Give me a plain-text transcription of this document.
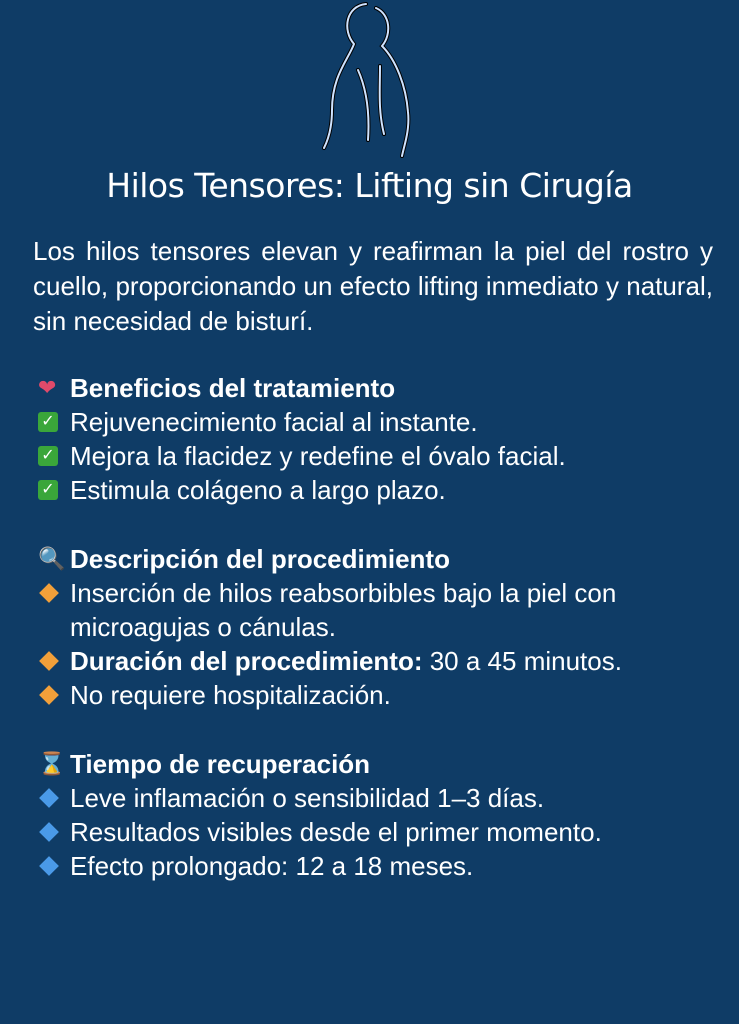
Hilos Tensores: Lifting sin Cirugía
Los hilos tensores elevan y reafirman la piel del rostro y cuello, proporcionando un efecto lifting inmediato y natural, sin necesidad de bisturí.
❤ Beneficios del tratamiento
✓ Rejuvenecimiento facial al instante.
✓ Mejora la flacidez y redefine el óvalo facial.
✓ Estimula colágeno a largo plazo.
🔍 Descripción del procedimiento
Inserción de hilos reabsorbibles bajo la piel con microagujas o cánulas.
Duración del procedimiento: 30 a 45 minutos.
No requiere hospitalización.
⌛ Tiempo de recuperación
Leve inflamación o sensibilidad 1–3 días.
Resultados visibles desde el primer momento.
Efecto prolongado: 12 a 18 meses.
